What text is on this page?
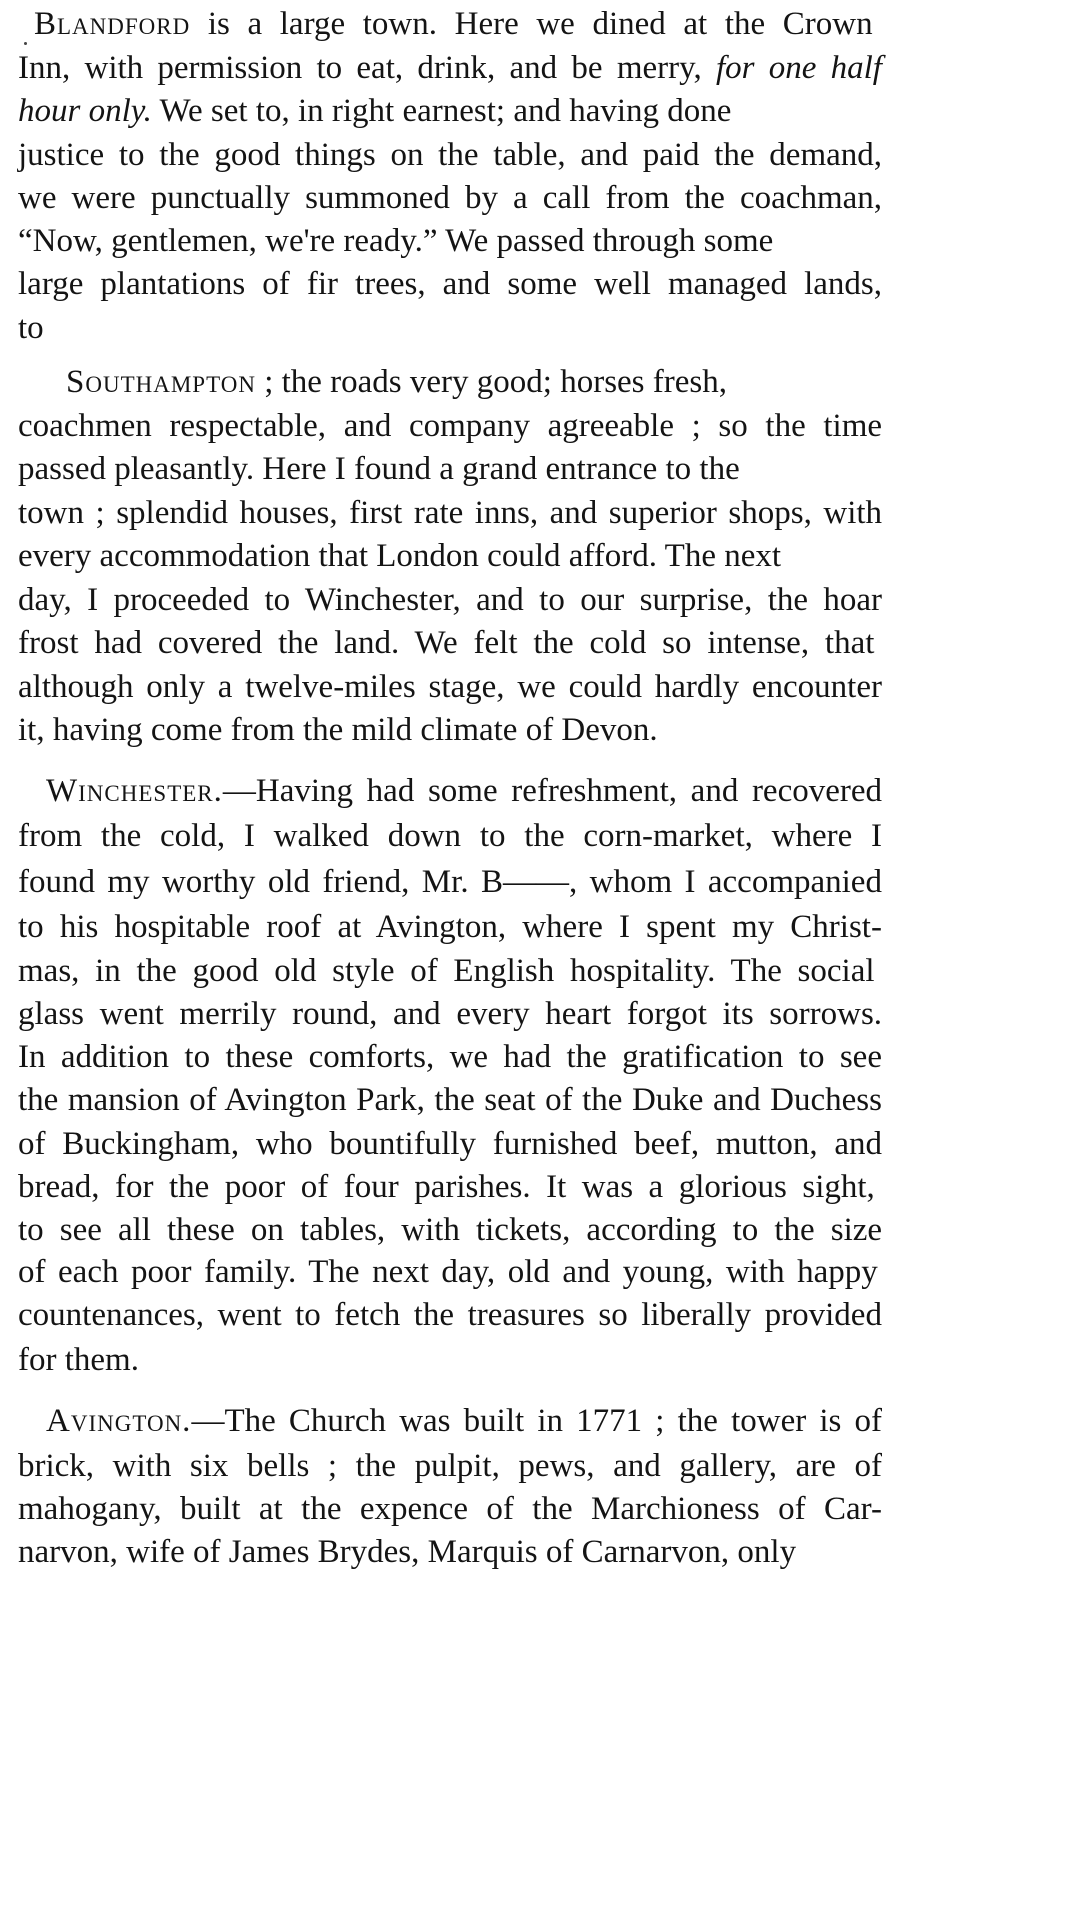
Blandford is a large town. Here we dined at the Crown
Inn, with permission to eat, drink, and be merry, for one half
hour only. We set to, in right earnest; and having done
justice to the good things on the table, and paid the demand,
we were punctually summoned by a call from the coachman,
“Now, gentlemen, we're ready.” We passed through some
large plantations of fir trees, and some well managed lands,
to
Southampton ; the roads very good; horses fresh,
coachmen respectable, and company agreeable ; so the time
passed pleasantly. Here I found a grand entrance to the
town ; splendid houses, first rate inns, and superior shops, with
every accommodation that London could afford. The next
day, I proceeded to Winchester, and to our surprise, the hoar
frost had covered the land. We felt the cold so intense, that
although only a twelve-miles stage, we could hardly encounter
it, having come from the mild climate of Devon.
Winchester.—Having had some refreshment, and recovered
from the cold, I walked down to the corn-market, where I
found my worthy old friend, Mr. B——, whom I accompanied
to his hospitable roof at Avington, where I spent my Christ-
mas, in the good old style of English hospitality. The social
glass went merrily round, and every heart forgot its sorrows.
In addition to these comforts, we had the gratification to see
the mansion of Avington Park, the seat of the Duke and Duchess
of Buckingham, who bountifully furnished beef, mutton, and
bread, for the poor of four parishes. It was a glorious sight,
to see all these on tables, with tickets, according to the size
of each poor family. The next day, old and young, with happy
countenances, went to fetch the treasures so liberally provided
for them.
Avington.—The Church was built in 1771 ; the tower is of
brick, with six bells ; the pulpit, pews, and gallery, are of
mahogany, built at the expence of the Marchioness of Car-
narvon, wife of James Brydes, Marquis of Carnarvon, only
